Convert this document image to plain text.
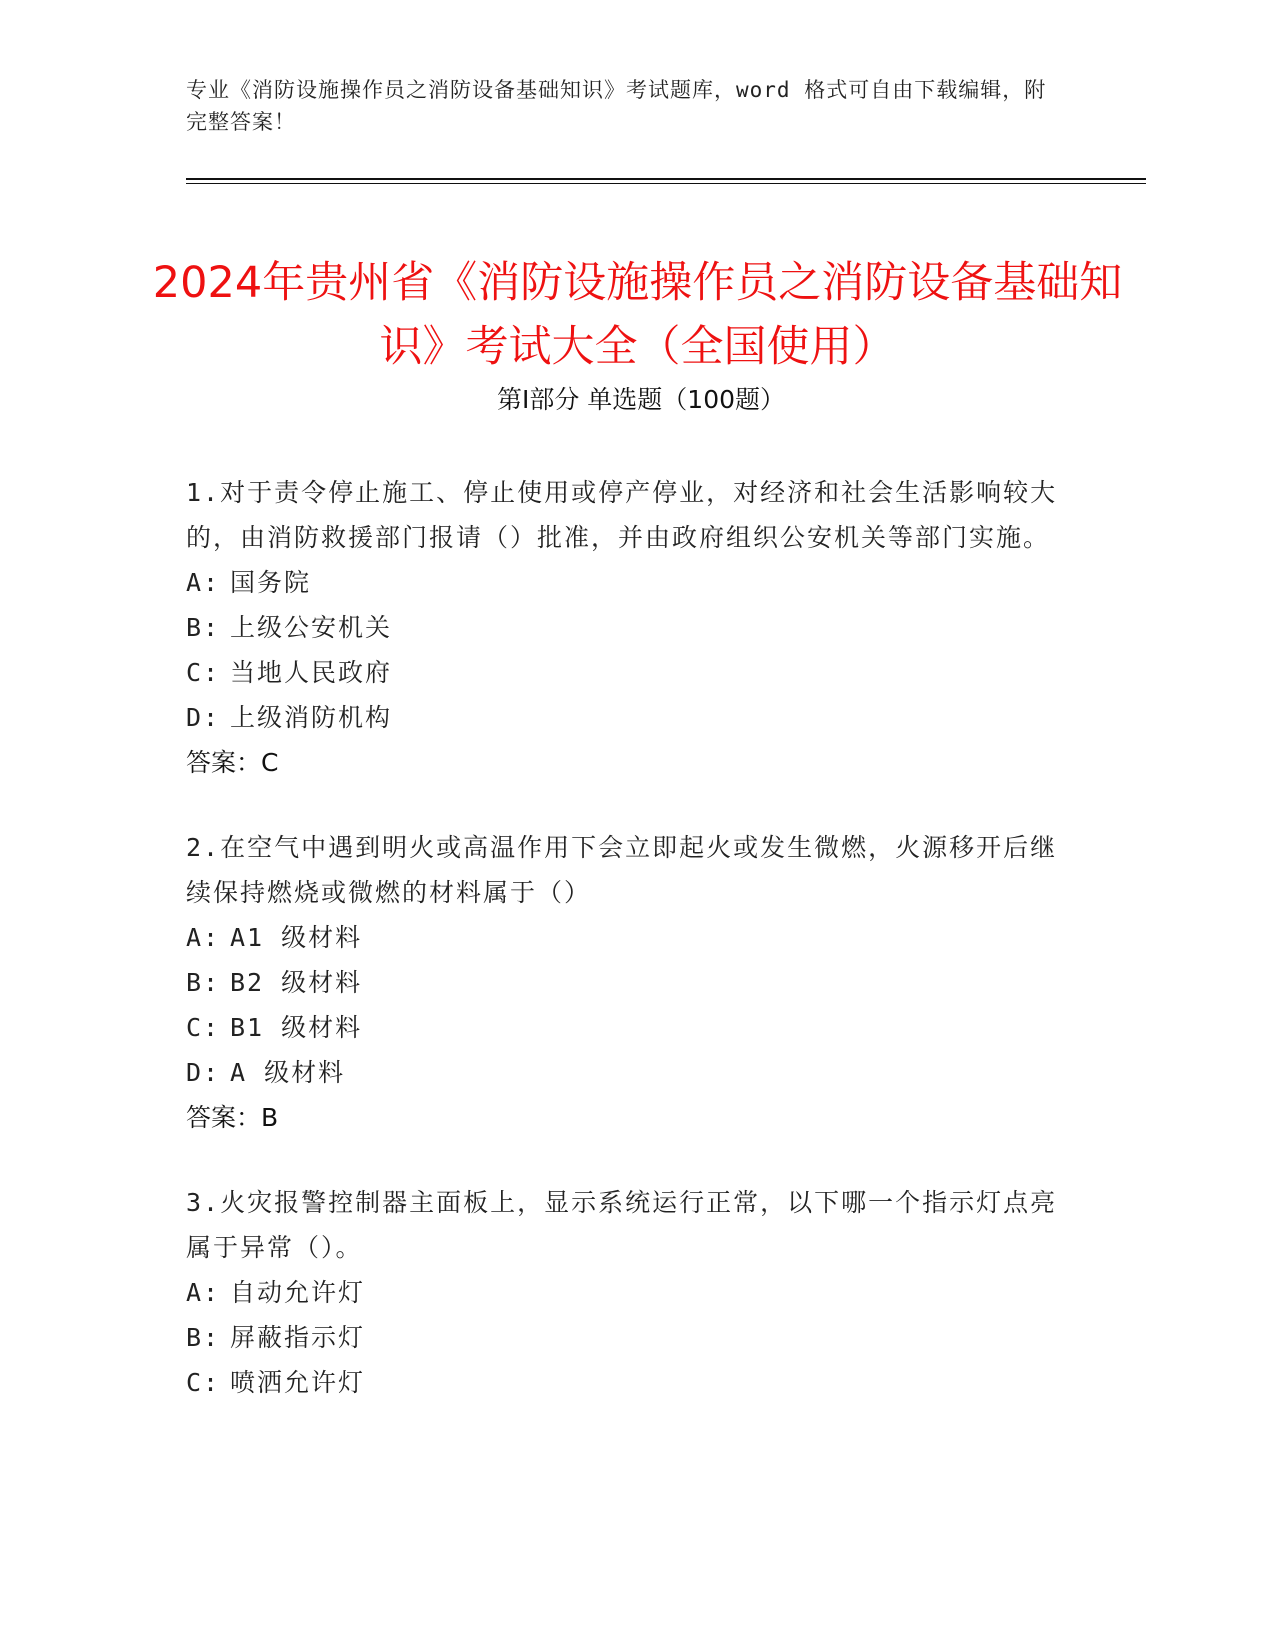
专业《消防设施操作员之消防设备基础知识》考试题库，word 格式可自由下载编辑，附完整答案！
2024年贵州省《消防设施操作员之消防设备基础知识》考试大全（全国使用）
第Ⅰ部分 单选题（100题）
1.对于责令停止施工、停止使用或停产停业，对经济和社会生活影响较大的，由消防救援部门报请（）批准，并由政府组织公安机关等部门实施。
A: 国务院
B: 上级公安机关
C: 当地人民政府
D: 上级消防机构
答案：C
2.在空气中遇到明火或高温作用下会立即起火或发生微燃，火源移开后继续保持燃烧或微燃的材料属于（）
A: A1 级材料
B: B2 级材料
C: B1 级材料
D: A 级材料
答案：B
3.火灾报警控制器主面板上，显示系统运行正常，以下哪一个指示灯点亮属于异常（）。
A: 自动允许灯
B: 屏蔽指示灯
C: 喷洒允许灯
